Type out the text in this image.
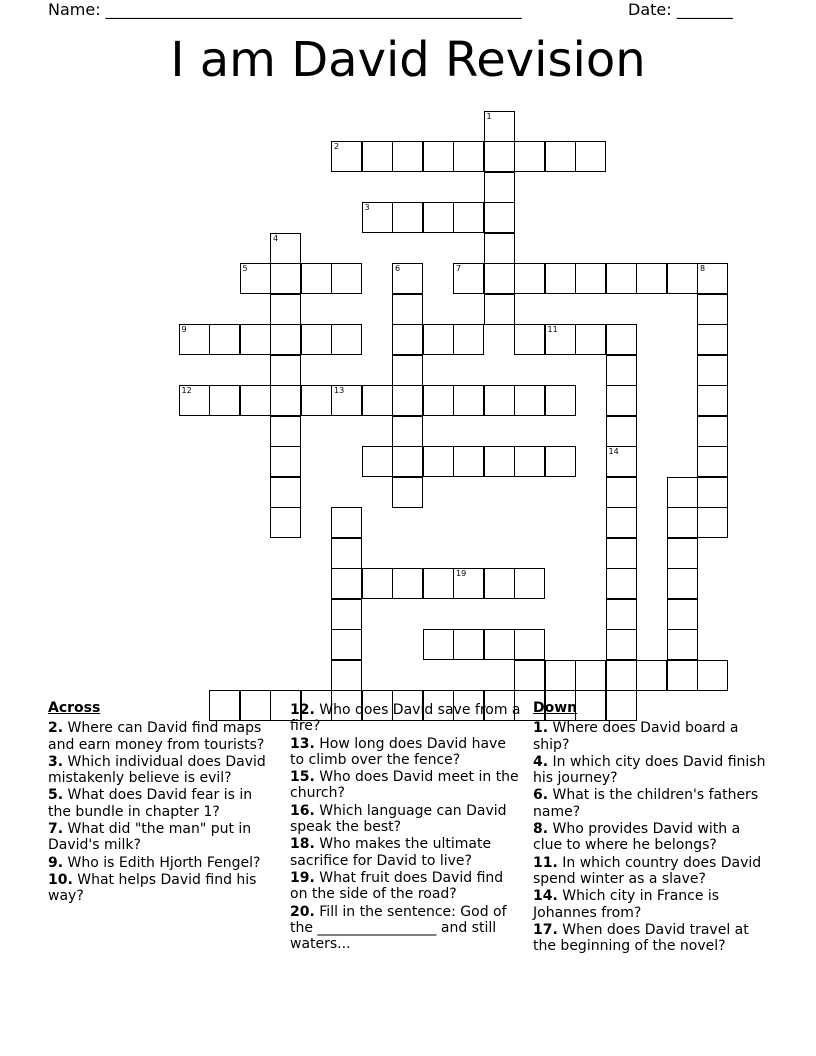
Name: ____________________________________________________	Date: _______
I am David Revision
1
2
3
4
5	6	7	8
9	11
14
12	13
19
Across
2. Where can David find maps and earn money from tourists?
3. Which individual does David mistakenly believe is evil?
5. What does David fear is in the bundle in chapter 1?
7. What did "the man" put in David's milk?
9. Who is Edith Hjorth Fengel?
10. What helps David find his way?
12. Who does David save from a fire?
13. How long does David have to climb over the fence?
15. Who does David meet in the church?
16. Which language can David speak the best?
18. Who makes the ultimate sacrifice for David to live?
19. What fruit does David find on the side of the road?
20. Fill in the sentence: God of the _________________ and still waters...
Down
1. Where does David board a ship?
4. In which city does David finish his journey?
6. What is the children's fathers name?
8. Who provides David with a clue to where he belongs?
11. In which country does David spend winter as a slave?
14. Which city in France is Johannes from?
17. When does David travel at the beginning of the novel?
